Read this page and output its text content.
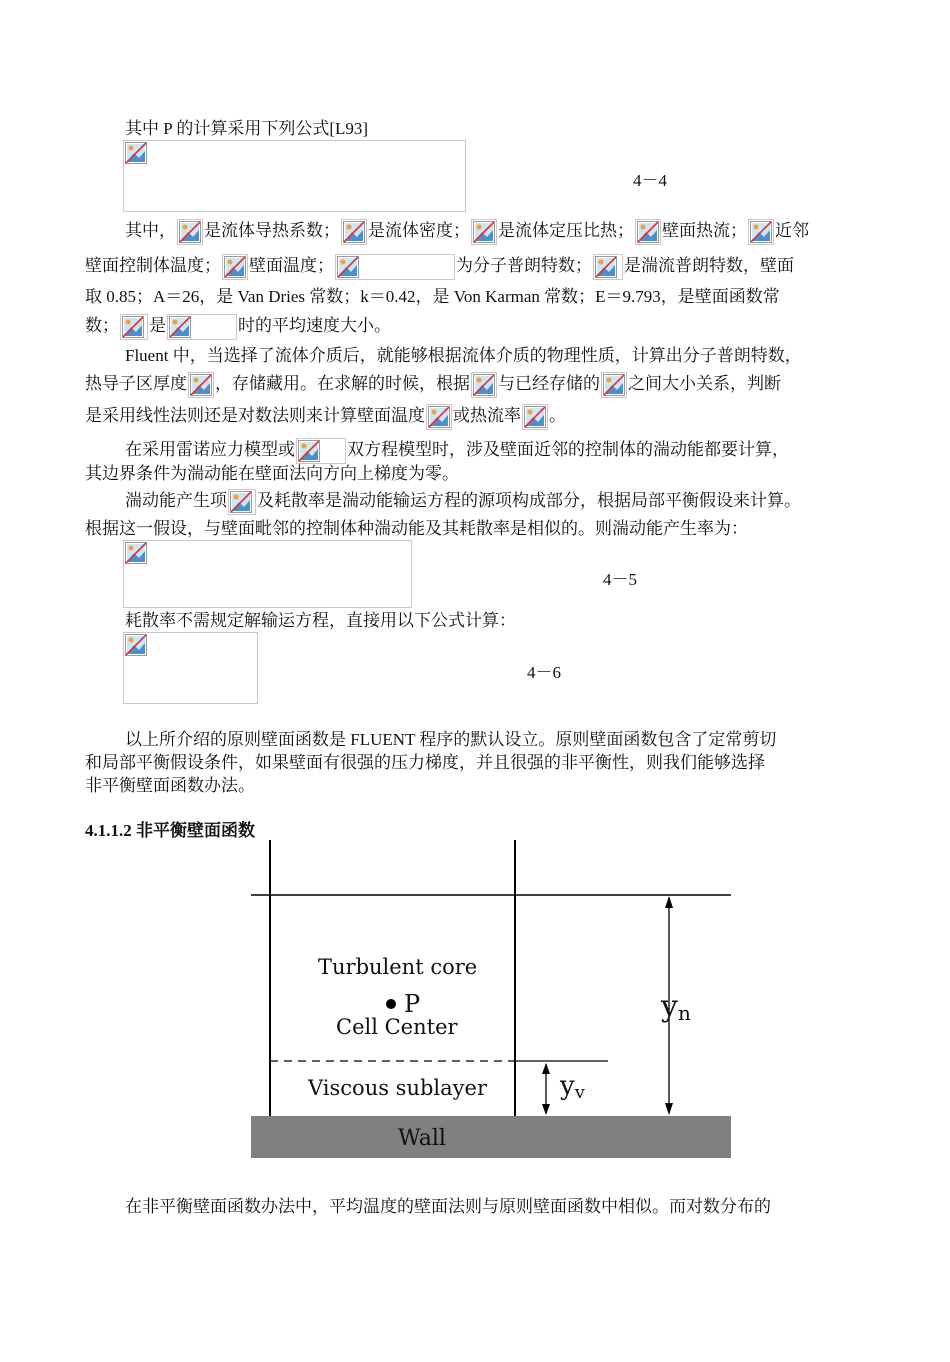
其中 P 的计算采用下列公式[L93]
4－4
其中， 是流体导热系数； 是流体密度； 是流体定压比热； 壁面热流； 近邻
壁面控制体温度； 壁面温度；	为分子普朗特数； 是湍流普朗特数，壁面
取 0.85；A＝26，是 Van Dries 常数；k＝0.42，是 Von Karman 常数；E＝9.793，是壁面函数常
数； 是	时的平均速度大小。
Fluent 中，当选择了流体介质后，就能够根据流体介质的物理性质，计算出分子普朗特数，
热导子区厚度 ，存储藏用。在求解的时候，根据 与已经存储的 之间大小关系，判断
是采用线性法则还是对数法则来计算壁面温度 或热流率 。
在采用雷诺应力模型或	双方程模型时，涉及壁面近邻的控制体的湍动能都要计算，
其边界条件为湍动能在壁面法向方向上梯度为零。
湍动能产生项 及耗散率是湍动能输运方程的源项构成部分，根据局部平衡假设来计算。
根据这一假设，与壁面毗邻的控制体种湍动能及其耗散率是相似的。则湍动能产生率为：
4－5
耗散率不需规定解输运方程，直接用以下公式计算：
4－6
以上所介绍的原则壁面函数是 FLUENT 程序的默认设立。原则壁面函数包含了定常剪切
和局部平衡假设条件，如果壁面有很强的压力梯度，并且很强的非平衡性，则我们能够选择
非平衡壁面函数办法。
4.1.1.2 非平衡壁面函数
Wall
Turbulent core
P
Cell Center
Viscous sublayer
yn
yv
在非平衡壁面函数办法中，平均温度的壁面法则与原则壁面函数中相似。而对数分布的
